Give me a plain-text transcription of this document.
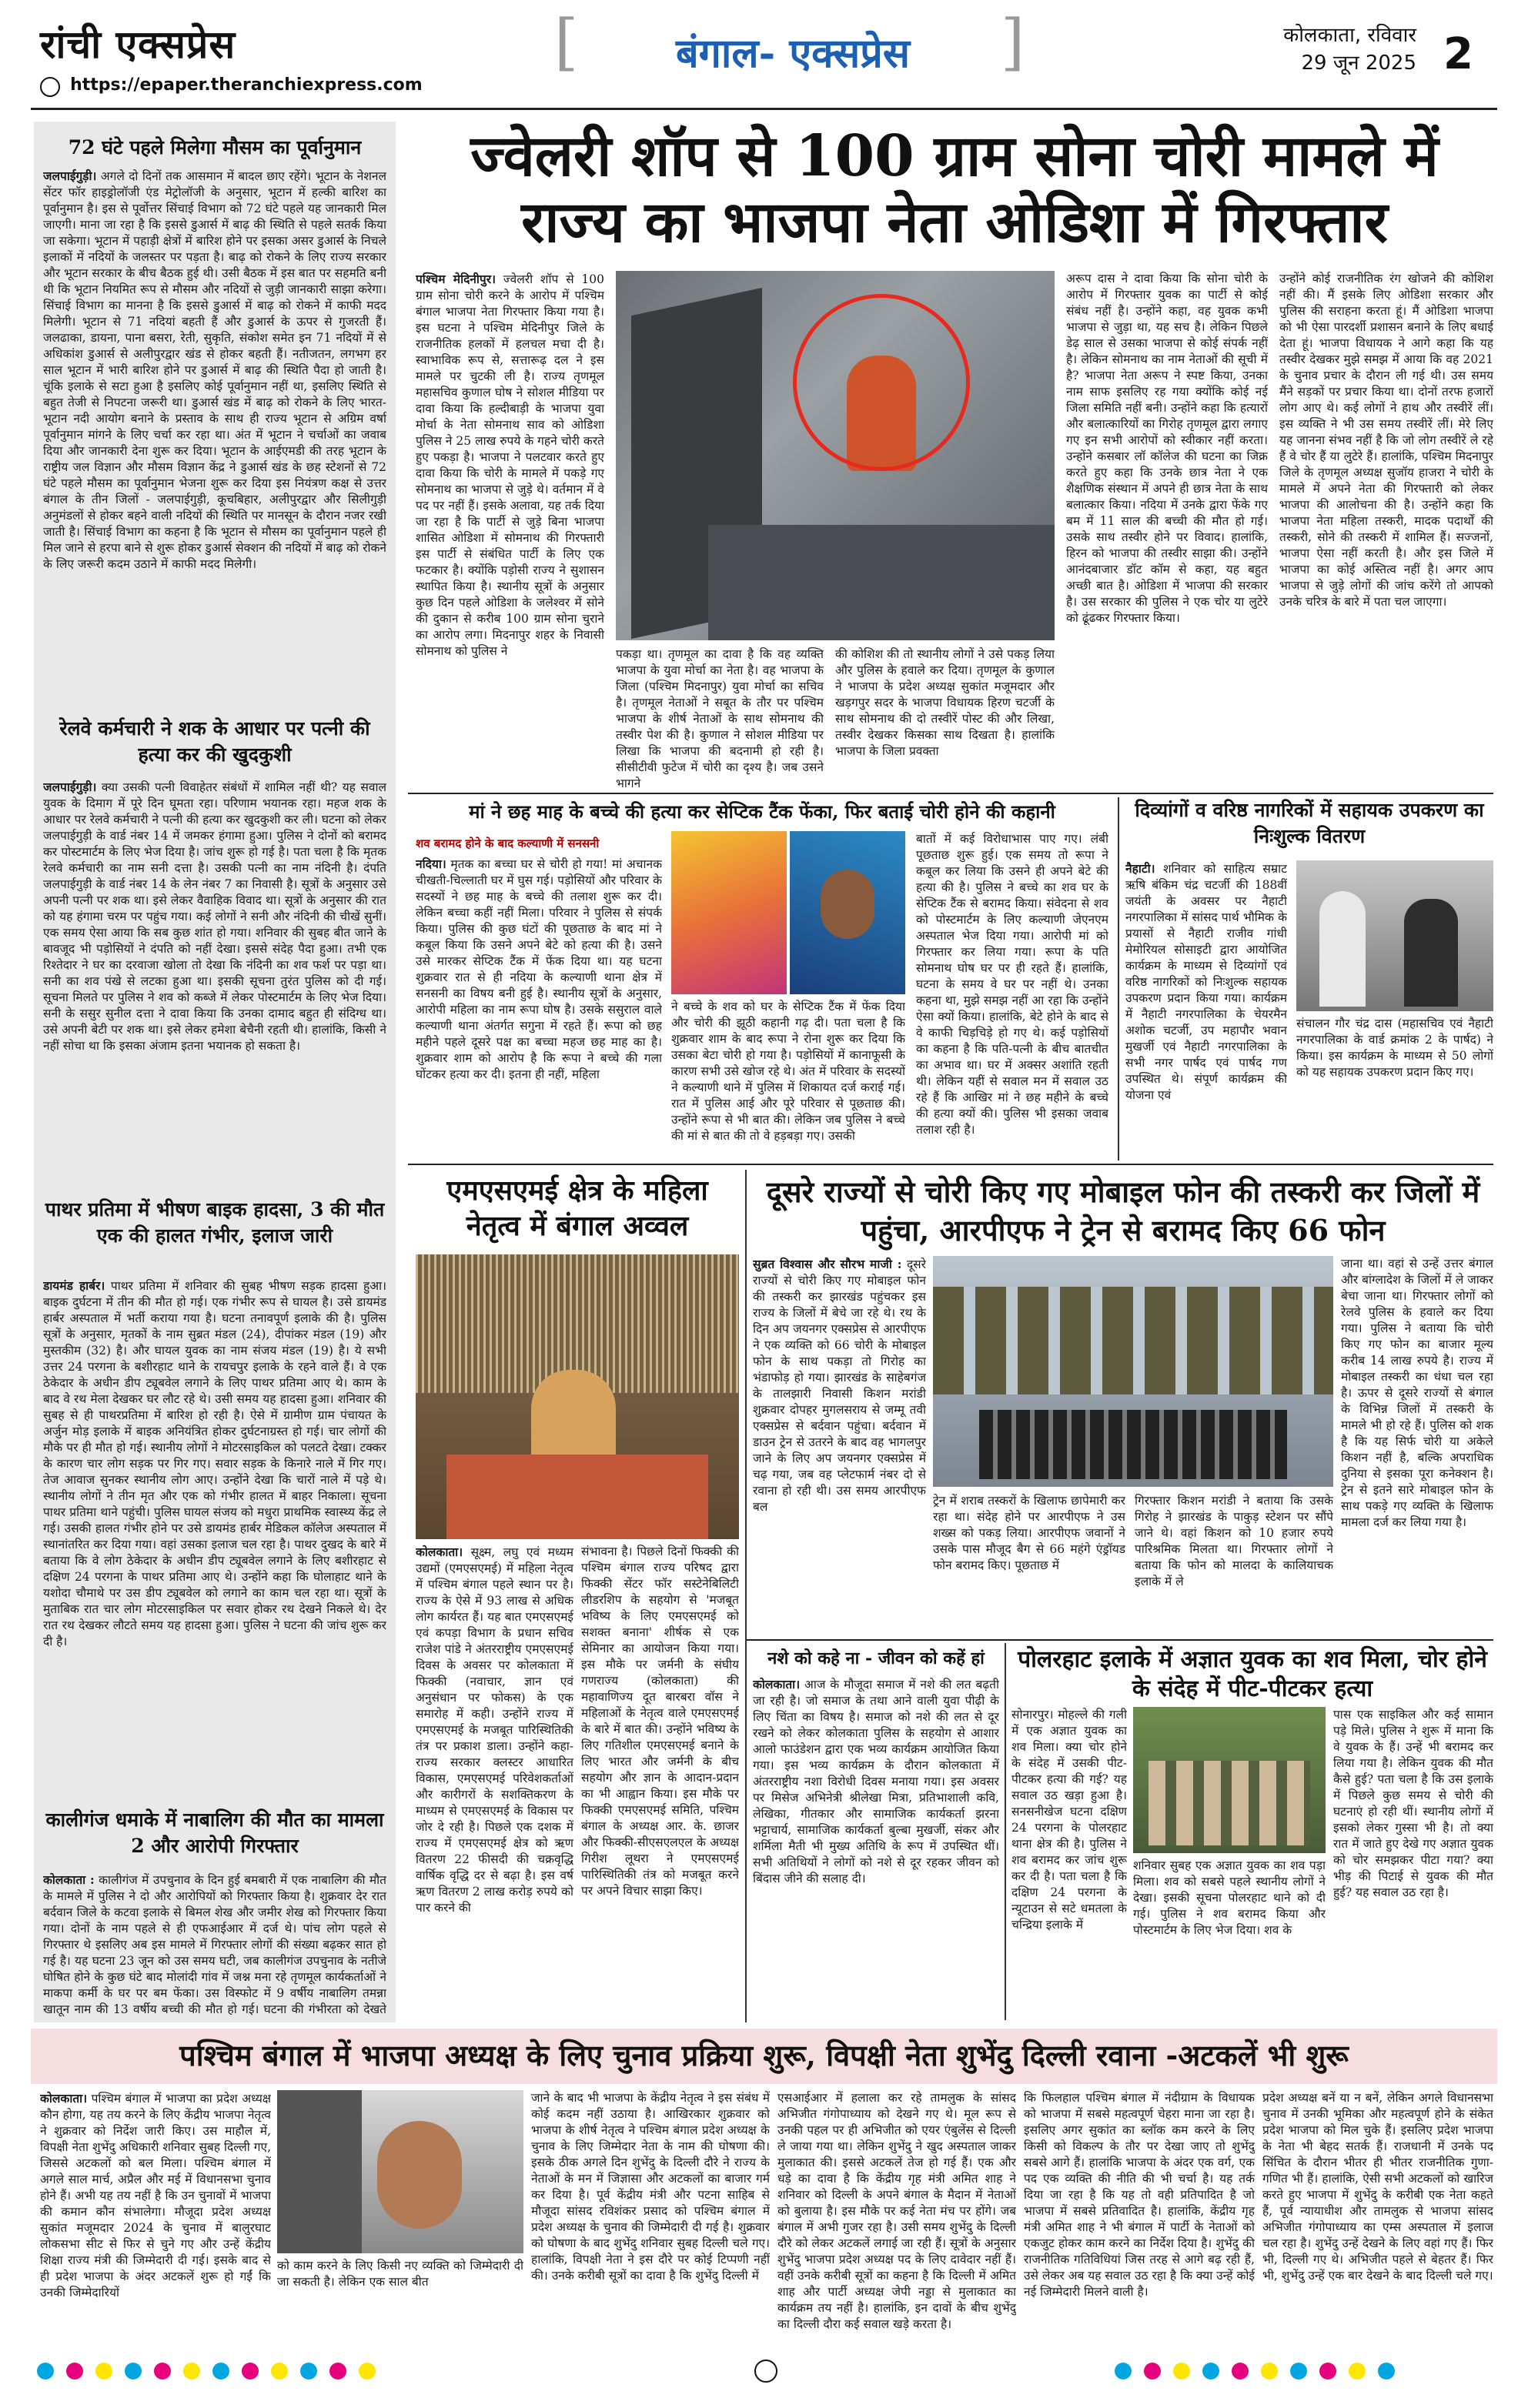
रांची एक्सप्रेस
https://epaper.theranchiexpress.com
[	बंगाल- एक्सप्रेस	]	कोलकाता, रविवार
29 जून 2025 2
72 घंटे पहले मिलेगा मौसम का पूर्वानुमान
जलपाईगुड़ी। अगले दो दिनों तक आसमान में बादल छाए रहेंगे। भूटान के नेशनल सेंटर फॉर हाइड्रोलॉजी एंड मेट्रोलॉजी के अनुसार, भूटान में हल्की बारिश का पूर्वानुमान है। इस से पूर्वोत्तर सिंचाई विभाग को 72 घंटे पहले यह जानकारी मिल जाएगी। माना जा रहा है कि इससे डुआर्स में बाढ़ की स्थिति से पहले सतर्क किया जा सकेगा। भूटान में पहाड़ी क्षेत्रों में बारिश होने पर इसका असर डुआर्स के निचले इलाकों में नदियों के जलस्तर पर पड़ता है। बाढ़ को रोकने के लिए राज्य सरकार और भूटान सरकार के बीच बैठक हुई थी। उसी बैठक में इस बात पर सहमति बनी थी कि भूटान नियमित रूप से मौसम और नदियों से जुड़ी जानकारी साझा करेगा। सिंचाई विभाग का मानना है कि इससे डुआर्स में बाढ़ को रोकने में काफी मदद मिलेगी। भूटान से 71 नदियां बहती हैं और डुआर्स के ऊपर से गुजरती हैं। जलढाका, डायना, पाना बसरा, रेती, सुकृति, संकोश समेत इन 71 नदियों में से अधिकांश डुआर्स से अलीपुरद्वार खंड से होकर बहती हैं। नतीजतन, लगभग हर साल भूटान में भारी बारिश होने पर डुआर्स में बाढ़ की स्थिति पैदा हो जाती है। चूंकि इलाके से सटा हुआ है इसलिए कोई पूर्वानुमान नहीं था, इसलिए स्थिति से बहुत तेजी से निपटना जरूरी था। डुआर्स खंड में बाढ़ को रोकने के लिए भारत-भूटान नदी आयोग बनाने के प्रस्ताव के साथ ही राज्य भूटान से अग्रिम वर्षा पूर्वानुमान मांगने के लिए चर्चा कर रहा था। अंत में भूटान ने चर्चाओं का जवाब दिया और जानकारी देना शुरू कर दिया। भूटान के आईएमडी की तरह भूटान के राष्ट्रीय जल विज्ञान और मौसम विज्ञान केंद्र ने डुआर्स खंड के छह स्टेशनों से 72 घंटे पहले मौसम का पूर्वानुमान भेजना शुरू कर दिया इस नियंत्रण कक्ष से उत्तर बंगाल के तीन जिलों - जलपाईगुड़ी, कूचबिहार, अलीपुरद्वार और सिलीगुड़ी अनुमंडलों से होकर बहने वाली नदियों की स्थिति पर मानसून के दौरान नजर रखी जाती है। सिंचाई विभाग का कहना है कि भूटान से मौसम का पूर्वानुमान पहले ही मिल जाने से हरपा बाने से शुरू होकर डुआर्स सेक्शन की नदियों में बाढ़ को रोकने के लिए जरूरी कदम उठाने में काफी मदद मिलेगी।
रेलवे कर्मचारी ने शक के आधार पर पत्नी की हत्या कर की खुदकुशी
जलपाईगुड़ी। क्या उसकी पत्नी विवाहेतर संबंधों में शामिल नहीं थी? यह सवाल युवक के दिमाग में पूरे दिन घूमता रहा। परिणाम भयानक रहा। महज शक के आधार पर रेलवे कर्मचारी ने पत्नी की हत्या कर खुदकुशी कर ली। घटना को लेकर जलपाईगुड़ी के वार्ड नंबर 14 में जमकर हंगामा हुआ। पुलिस ने दोनों को बरामद कर पोस्टमार्टम के लिए भेज दिया है। जांच शुरू हो गई है। पता चला है कि मृतक रेलवे कर्मचारी का नाम सनी दत्ता है। उसकी पत्नी का नाम नंदिनी है। दंपति जलपाईगुड़ी के वार्ड नंबर 14 के लेन नंबर 7 का निवासी है। सूत्रों के अनुसार उसे अपनी पत्नी पर शक था। इसे लेकर वैवाहिक विवाद था। सूत्रों के अनुसार की रात को यह हंगामा चरम पर पहुंच गया। कई लोगों ने सनी और नंदिनी की चीखें सुनीं। एक समय ऐसा आया कि सब कुछ शांत हो गया। शनिवार की सुबह बीत जाने के बावजूद भी पड़ोसियों ने दंपति को नहीं देखा। इससे संदेह पैदा हुआ। तभी एक रिश्तेदार ने घर का दरवाजा खोला तो देखा कि नंदिनी का शव फर्श पर पड़ा था। सनी का शव पंखे से लटका हुआ था। इसकी सूचना तुरंत पुलिस को दी गई। सूचना मिलते पर पुलिस ने शव को कब्जे में लेकर पोस्टमार्टम के लिए भेज दिया। सनी के ससुर सुनील दत्ता ने दावा किया कि उनका दामाद बहुत ही संदिग्ध था। उसे अपनी बेटी पर शक था। इसे लेकर हमेशा बेचैनी रहती थी। हालांकि, किसी ने नहीं सोचा था कि इसका अंजाम इतना भयानक हो सकता है।
पाथर प्रतिमा में भीषण बाइक हादसा, 3 की मौत एक की हालत गंभीर, इलाज जारी
डायमंड हार्बर। पाथर प्रतिमा में शनिवार की सुबह भीषण सड़क हादसा हुआ। बाइक दुर्घटना में तीन की मौत हो गई। एक गंभीर रूप से घायल है। उसे डायमंड हार्बर अस्पताल में भर्ती कराया गया है। घटना तनावपूर्ण इलाके की है। पुलिस सूत्रों के अनुसार, मृतकों के नाम सुब्रत मंडल (24), दीपांकर मंडल (19) और मुस्तकीम (32) है। और घायल युवक का नाम संजय मंडल (19) है। ये सभी उत्तर 24 परगना के बशीरहाट थाने के रायचपुर इलाके के रहने वाले हैं। वे एक ठेकेदार के अधीन डीप ट्यूबवेल लगाने के लिए पाथर प्रतिमा आए थे। काम के बाद वे रथ मेला देखकर घर लौट रहे थे। उसी समय यह हादसा हुआ। शनिवार की सुबह से ही पाथरप्रतिमा में बारिश हो रही है। ऐसे में ग्रामीण ग्राम पंचायत के अर्जुन मोड़ इलाके में बाइक अनियंत्रित होकर दुर्घटनाग्रस्त हो गई। चार लोगों की मौके पर ही मौत हो गई। स्थानीय लोगों ने मोटरसाइकिल को पलटते देखा। टक्कर के कारण चार लोग सड़क पर गिर गए। सवार सड़क के किनारे नाले में गिर गए। तेज आवाज सुनकर स्थानीय लोग आए। उन्होंने देखा कि चारों नाले में पड़े थे। स्थानीय लोगों ने तीन मृत और एक को गंभीर हालत में बाहर निकाला। सूचना पाथर प्रतिमा थाने पहुंची। पुलिस घायल संजय को मधुरा प्राथमिक स्वास्थ्य केंद्र ले गई। उसकी हालत गंभीर होने पर उसे डायमंड हार्बर मेडिकल कॉलेज अस्पताल में स्थानांतरित कर दिया गया। वहां उसका इलाज चल रहा है। पाथर दुखद के बारे में बताया कि वे लोग ठेकेदार के अधीन डीप ट्यूबवेल लगाने के लिए बशीरहाट से दक्षिण 24 परगना के पाथर प्रतिमा आए थे। उन्होंने कहा कि घोलाहाट थाने के यशोदा चौमाथे पर उस डीप ट्यूबवेल को लगाने का काम चल रहा था। सूत्रों के मुताबिक रात चार लोग मोटरसाइकिल पर सवार होकर रथ देखने निकले थे। देर रात रथ देखकर लौटते समय यह हादसा हुआ। पुलिस ने घटना की जांच शुरू कर दी है।
कालीगंज धमाके में नाबालिग की मौत का मामला 2 और आरोपी गिरफ्तार
कोलकाता : कालीगंज में उपचुनाव के दिन हुई बमबारी में एक नाबालिग की मौत के मामले में पुलिस ने दो और आरोपियों को गिरफ्तार किया है। शुक्रवार देर रात बर्दवान जिले के कटवा इलाके से बिमल शेख और जमीर शेख को गिरफ्तार किया गया। दोनों के नाम पहले से ही एफआईआर में दर्ज थे। पांच लोग पहले से गिरफ्तार थे इसलिए अब इस मामले में गिरफ्तार लोगों की संख्या बढ़कर सात हो गई है। यह घटना 23 जून को उस समय घटी, जब कालीगंज उपचुनाव के नतीजे घोषित होने के कुछ घंटे बाद मोलांदी गांव में जश्न मना रहे तृणमूल कार्यकर्ताओं ने माकपा कर्मी के घर पर बम फेंका। उस विस्फोट में 9 वर्षीय नाबालिग तमन्ना खातून नाम की 13 वर्षीय बच्ची की मौत हो गई। घटना की गंभीरता को देखते
ज्वेलरी शॉप से 100 ग्राम सोना चोरी मामले में राज्य का भाजपा नेता ओडिशा में गिरफ्तार
पश्चिम मेदिनीपुर। ज्वेलरी शॉप से 100 ग्राम सोना चोरी करने के आरोप में पश्चिम बंगाल भाजपा नेता गिरफ्तार किया गया है। इस घटना ने पश्चिम मेदिनीपुर जिले के राजनीतिक हलकों में हलचल मचा दी है। स्वाभाविक रूप से, सत्तारूढ़ दल ने इस मामले पर चुटकी ली है। राज्य तृणमूल महासचिव कुणाल घोष ने सोशल मीडिया पर दावा किया कि हल्दीबाड़ी के भाजपा युवा मोर्चा के नेता सोमनाथ साव को ओडिशा पुलिस ने 25 लाख रुपये के गहने चोरी करते हुए पकड़ा है। भाजपा ने पलटवार करते हुए दावा किया कि चोरी के मामले में पकड़े गए सोमनाथ का भाजपा से जुड़े थे। वर्तमान में वे पद पर नहीं हैं। इसके अलावा, यह तर्क दिया जा रहा है कि पार्टी से जुड़े बिना भाजपा शासित ओडिशा में सोमनाथ की गिरफ्तारी इस पार्टी से संबंधित पार्टी के लिए एक फटकार है। क्योंकि पड़ोसी राज्य ने सुशासन स्थापित किया है। स्थानीय सूत्रों के अनुसार कुछ दिन पहले ओडिशा के जलेश्वर में सोने की दुकान से करीब 100 ग्राम सोना चुराने का आरोप लगा। मिदनापुर शहर के निवासी सोमनाथ को पुलिस ने	पकड़ा था। तृणमूल का दावा है कि वह व्यक्ति भाजपा के युवा मोर्चा का नेता है। वह भाजपा के जिला (पश्चिम मिदनापुर) युवा मोर्चा का सचिव है। तृणमूल नेताओं ने सबूत के तौर पर पश्चिम भाजपा के शीर्ष नेताओं के साथ सोमनाथ की तस्वीर पेश की है। कुणाल ने सोशल मीडिया पर लिखा कि भाजपा की बदनामी हो रही है। सीसीटीवी फुटेज में चोरी का दृश्य है। जब उसने भागने
की कोशिश की तो स्थानीय लोगों ने उसे पकड़ लिया और पुलिस के हवाले कर दिया। तृणमूल के कुणाल ने भाजपा के प्रदेश अध्यक्ष सुकांत मजूमदार और खड़गपुर सदर के भाजपा विधायक हिरण चटर्जी के साथ सोमनाथ की दो तस्वीरें पोस्ट की और लिखा, तस्वीर देखकर किसका साथ दिखता है। हालांकि भाजपा के जिला प्रवक्ता
अरूप दास ने दावा किया कि सोना चोरी के आरोप में गिरफ्तार युवक का पार्टी से कोई संबंध नहीं है। उन्होंने कहा, वह युवक कभी भाजपा से जुड़ा था, यह सच है। लेकिन पिछले डेढ़ साल से उसका भाजपा से कोई संपर्क नहीं है। लेकिन सोमनाथ का नाम नेताओं की सूची में है? भाजपा नेता अरूप ने स्पष्ट किया, उनका नाम साफ इसलिए रह गया क्योंकि कोई नई जिला समिति नहीं बनी। उन्होंने कहा कि हत्यारों और बलात्कारियों का गिरोह तृणमूल द्वारा लगाए गए इन सभी आरोपों को स्वीकार नहीं करता। उन्होंने कसबार लॉ कॉलेज की घटना का जिक्र करते हुए कहा कि उनके छात्र नेता ने एक शैक्षणिक संस्थान में अपने ही छात्र नेता के साथ बलात्कार किया। नदिया में उनके द्वारा फेंके गए बम में 11 साल की बच्ची की मौत हो गई। उसके साथ तस्वीर होने पर विवाद। हालांकि, हिरन को भाजपा की तस्वीर साझा की। उन्होंने आनंदबाजार डॉट कॉम से कहा, यह बहुत अच्छी बात है। ओडिशा में भाजपा की सरकार है। उस सरकार की पुलिस ने एक चोर या लुटेरे को ढूंढकर गिरफ्तार किया।
उन्होंने कोई राजनीतिक रंग खोजने की कोशिश नहीं की। मैं इसके लिए ओडिशा सरकार और पुलिस की सराहना करता हूं। मैं ओडिशा भाजपा को भी ऐसा पारदर्शी प्रशासन बनाने के लिए बधाई देता हूं। भाजपा विधायक ने आगे कहा कि यह तस्वीर देखकर मुझे समझ में आया कि वह 2021 के चुनाव प्रचार के दौरान ली गई थी। उस समय मैंने सड़कों पर प्रचार किया था। दोनों तरफ हजारों लोग आए थे। कई लोगों ने हाथ और तस्वीरें लीं। इस व्यक्ति ने भी उस समय तस्वीरें लीं। मेरे लिए यह जानना संभव नहीं है कि जो लोग तस्वीरें ले रहे हैं वे चोर हैं या लुटेरे हैं। हालांकि, पश्चिम मिदनापुर जिले के तृणमूल अध्यक्ष सुजॉय हाजरा ने चोरी के मामले में अपने नेता की गिरफ्तारी को लेकर भाजपा की आलोचना की है। उन्होंने कहा कि भाजपा नेता महिला तस्करी, मादक पदार्थों की तस्करी, सोने की तस्करी में शामिल हैं। सज्जनों, भाजपा ऐसा नहीं करती है। और इस जिले में भाजपा का कोई अस्तित्व नहीं है। अगर आप भाजपा से जुड़े लोगों की जांच करेंगे तो आपको उनके चरित्र के बारे में पता चल जाएगा।
मां ने छह माह के बच्चे की हत्या कर सेप्टिक टैंक फेंका, फिर बताई चोरी होने की कहानी
शव बरामद होने के बाद कल्याणी में सनसनी
नदिया। मृतक का बच्चा घर से चोरी हो गया! मां अचानक चीखती-चिल्लाती घर में घुस गई। पड़ोसियों और परिवार के सदस्यों ने छह माह के बच्चे की तलाश शुरू कर दी। लेकिन बच्चा कहीं नहीं मिला। परिवार ने पुलिस से संपर्क किया। पुलिस की कुछ घंटों की पूछताछ के बाद मां ने कबूल किया कि उसने अपने बेटे को हत्या की है। उसने उसे मारकर सेप्टिक टैंक में फेंक दिया था। यह घटना शुक्रवार रात से ही नदिया के कल्याणी थाना क्षेत्र में सनसनी का विषय बनी हुई है। स्थानीय सूत्रों के अनुसार, आरोपी महिला का नाम रूपा घोष है। उसके ससुराल वाले कल्याणी थाना अंतर्गत सगुना में रहते हैं। रूपा को छह महीने पहले दूसरे पक्ष का बच्चा महज छह माह का है। शुक्रवार शाम को आरोप है कि रूपा ने बच्चे की गला घोंटकर हत्या कर दी। इतना ही नहीं, महिला
ने बच्चे के शव को घर के सेप्टिक टैंक में फेंक दिया और चोरी की झूठी कहानी गढ़ दी। पता चला है कि शुक्रवार शाम के बाद रूपा ने रोना शुरू कर दिया कि उसका बेटा चोरी हो गया है। पड़ोसियों में कानाफूसी के कारण सभी उसे खोज रहे थे। अंत में परिवार के सदस्यों ने कल्याणी थाने में पुलिस में शिकायत दर्ज कराई गई। रात में पुलिस आई और पूरे परिवार से पूछताछ की। उन्होंने रूपा से भी बात की। लेकिन जब पुलिस ने बच्चे की मां से बात की तो वे हड़बड़ा गए। उसकी
बातों में कई विरोधाभास पाए गए। लंबी पूछताछ शुरू हुई। एक समय तो रूपा ने कबूल कर लिया कि उसने ही अपने बेटे की हत्या की है। पुलिस ने बच्चे का शव घर के सेप्टिक टैंक से बरामद किया। संवेदना से शव को पोस्टमार्टम के लिए कल्याणी जेएनएम अस्पताल भेज दिया गया। आरोपी मां को गिरफ्तार कर लिया गया। रूपा के पति सोमनाथ घोष घर पर ही रहते हैं। हालांकि, घटना के समय वे घर पर नहीं थे। उनका कहना था, मुझे समझ नहीं आ रहा कि उन्होंने ऐसा क्यों किया। हालांकि, बेटे होने के बाद से वे काफी चिड़चिड़े हो गए थे। कई पड़ोसियों का कहना है कि पति-पत्नी के बीच बातचीत का अभाव था। घर में अक्सर अशांति रहती थी। लेकिन यहीं से सवाल मन में सवाल उठ रहे हैं कि आखिर मां ने छह महीने के बच्चे की हत्या क्यों की। पुलिस भी इसका जवाब तलाश रही है।
दिव्यांगों व वरिष्ठ नागरिकों में सहायक उपकरण का निःशुल्क वितरण
नैहाटी। शनिवार को साहित्य सम्राट ऋषि बंकिम चंद्र चटर्जी की 188वीं जयंती के अवसर पर नैहाटी नगरपालिका में सांसद पार्थ भौमिक के प्रयासों से नैहाटी राजीव गांधी मेमोरियल सोसाइटी द्वारा आयोजित कार्यक्रम के माध्यम से दिव्यांगों एवं वरिष्ठ नागरिकों को निःशुल्क सहायक उपकरण प्रदान किया गया। कार्यक्रम में नैहाटी नगरपालिका के चेयरमैन अशोक चटर्जी, उप महापौर भवान मुखर्जी एवं नैहाटी नगरपालिका के सभी नगर पार्षद एवं पार्षद गण उपस्थित थे। संपूर्ण कार्यक्रम की योजना एवं
संचालन गौर चंद्र दास (महासचिव एवं नैहाटी नगरपालिका के वार्ड क्रमांक 2 के पार्षद) ने किया। इस कार्यक्रम के माध्यम से 50 लोगों को यह सहायक उपकरण प्रदान किए गए।
एमएसएमई क्षेत्र के महिला नेतृत्व में बंगाल अव्वल
कोलकाता। सूक्ष्म, लघु एवं मध्यम उद्यमों (एमएसएमई) में महिला नेतृत्व में पश्चिम बंगाल पहले स्थान पर है। राज्य के ऐसे में 93 लाख से अधिक लोग कार्यरत हैं। यह बात एमएसएमई एवं कपड़ा विभाग के प्रधान सचिव राजेश पांडे ने अंतरराष्ट्रीय एमएसएमई दिवस के अवसर पर कोलकाता में फिक्की (नवाचार, ज्ञान एवं अनुसंधान पर फोकस) के एक समारोह में कही। उन्होंने राज्य में एमएसएमई के मजबूत पारिस्थितिकी तंत्र पर प्रकाश डाला। उन्होंने कहा-राज्य सरकार क्लस्टर आधारित विकास, एमएसएमई परिवेशकर्ताओं और कारीगरों के सशक्तिकरण के माध्यम से एमएसएमई के विकास पर जोर दे रही है। पिछले एक दशक में राज्य में एमएसएमई क्षेत्र को ऋण वितरण 22 फीसदी की चक्रवृद्धि वार्षिक वृद्धि दर से बढ़ा है। इस वर्ष ऋण वितरण 2 लाख करोड़ रुपये को पार करने की
संभावना है। पिछले दिनों फिक्की की पश्चिम बंगाल राज्य परिषद द्वारा फिक्की सेंटर फॉर सस्टेनेबिलिटी लीडरशिप के सहयोग से 'मजबूत भविष्य के लिए एमएसएमई को सशक्त बनाना' शीर्षक से एक सेमिनार का आयोजन किया गया। इस मौके पर जर्मनी के संघीय गणराज्य (कोलकाता) की महावाणिज्य दूत बारबरा वॉस ने महिलाओं के नेतृत्व वाले एमएसएमई के बारे में बात की। उन्होंने भविष्य के लिए गतिशील एमएसएमई बनाने के लिए भारत और जर्मनी के बीच सहयोग और ज्ञान के आदान-प्रदान का भी आह्वान किया। इस मौके पर फिक्की एमएसएमई समिति, पश्चिम बंगाल के अध्यक्ष आर. के. छाजर और फिक्की-सीएसएलएल के अध्यक्ष गिरीश लूथरा ने एमएसएमई पारिस्थितिकी तंत्र को मजबूत करने पर अपने विचार साझा किए।
दूसरे राज्यों से चोरी किए गए मोबाइल फोन की तस्करी कर जिलों में पहुंचा, आरपीएफ ने ट्रेन से बरामद किए 66 फोन
सुब्रत विश्वास और सौरभ माजी : दूसरे राज्यों से चोरी किए गए मोबाइल फोन की तस्करी कर झारखंड पहुंचकर इस राज्य के जिलों में बेचे जा रहे थे। रथ के दिन अप जयनगर एक्सप्रेस से आरपीएफ ने एक व्यक्ति को 66 चोरी के मोबाइल फोन के साथ पकड़ा तो गिरोह का भंडाफोड़ हो गया। झारखंड के साहेबगंज के तालझारी निवासी किशन मरांडी शुक्रवार दोपहर मुगलसराय से जम्मू तवी एक्सप्रेस से बर्दवान पहुंचा। बर्दवान में डाउन ट्रेन से उतरने के बाद वह भागलपुर जाने के लिए अप जयनगर एक्सप्रेस में चढ़ गया, जब वह प्लेटफार्म नंबर दो से रवाना हो रही थी। उस समय आरपीएफ बल	ट्रेन में शराब तस्करों के खिलाफ छापेमारी कर रहा था। संदेह होने पर आरपीएफ ने उस शख्स को पकड़ लिया। आरपीएफ जवानों ने उसके पास मौजूद बैग से 66 महंगे एंड्रॉयड फोन बरामद किए। पूछताछ में
गिरफ्तार किशन मरांडी ने बताया कि उसके गिरोह ने झारखंड के पाकुड़ स्टेशन पर सौंपे जाने थे। वहां किशन को 10 हजार रुपये पारिश्रमिक मिलता था। गिरफ्तार लोगों ने बताया कि फोन को मालदा के कालियाचक इलाके में ले
जाना था। वहां से उन्हें उत्तर बंगाल और बांग्लादेश के जिलों में ले जाकर बेचा जाना था। गिरफ्तार लोगों को रेलवे पुलिस के हवाले कर दिया गया। पुलिस ने बताया कि चोरी किए गए फोन का बाजार मूल्य करीब 14 लाख रुपये है। राज्य में मोबाइल तस्करी का धंधा चल रहा है। ऊपर से दूसरे राज्यों से बंगाल के विभिन्न जिलों में तस्करी के मामले भी हो रहे हैं। पुलिस को शक है कि यह सिर्फ चोरी या अकेले किशन नहीं है, बल्कि अपराधिक दुनिया से इसका पूरा कनेक्शन है। ट्रेन से इतने सारे मोबाइल फोन के साथ पकड़े गए व्यक्ति के खिलाफ मामला दर्ज कर लिया गया है।
नशे को कहे ना - जीवन को कहें हां
कोलकाता। आज के मौजूदा समाज में नशे की लत बढ़ती जा रही है। जो समाज के तथा आने वाली युवा पीढ़ी के लिए चिंता का विषय है। समाज को नशे की लत से दूर रखने को लेकर कोलकाता पुलिस के सहयोग से आशार आलो फाउंडेशन द्वारा एक भव्य कार्यक्रम आयोजित किया गया। इस भव्य कार्यक्रम के दौरान कोलकाता में अंतरराष्ट्रीय नशा विरोधी दिवस मनाया गया। इस अवसर पर मिसेज अभिनेत्री श्रीलेखा मित्रा, प्रतिभाशाली कवि, लेखिका, गीतकार और सामाजिक कार्यकर्ता झरना भट्टाचार्य, सामाजिक कार्यकर्ता बुल्बा मुखर्जी, संकर और शर्मिला मैती भी मुख्य अतिथि के रूप में उपस्थित थीं। सभी अतिथियों ने लोगों को नशे से दूर रहकर जीवन को बिंदास जीने की सलाह दी।
पोलरहाट इलाके में अज्ञात युवक का शव मिला, चोर होने के संदेह में पीट-पीटकर हत्या
सोनारपुर। मोहल्ले की गली में एक अज्ञात युवक का शव मिला। क्या चोर होने के संदेह में उसकी पीट-पीटकर हत्या की गई? यह सवाल उठ खड़ा हुआ है। सनसनीखेज घटना दक्षिण 24 परगना के पोलरहाट थाना क्षेत्र की है। पुलिस ने शव बरामद कर जांच शुरू कर दी है। पता चला है कि दक्षिण 24 परगना के न्यूटाउन से सटे धमतला के चन्द्रिया इलाके में
शनिवार सुबह एक अज्ञात युवक का शव पड़ा मिला। शव को सबसे पहले स्थानीय लोगों ने देखा। इसकी सूचना पोलरहाट थाने को दी गई। पुलिस ने शव बरामद किया और पोस्टमार्टम के लिए भेज दिया। शव के
पास एक साइकिल और कई सामान पड़े मिले। पुलिस ने शुरू में माना कि वे युवक के हैं। उन्हें भी बरामद कर लिया गया है। लेकिन युवक की मौत कैसे हुई? पता चला है कि उस इलाके में पिछले कुछ समय से चोरी की घटनाएं हो रही थीं। स्थानीय लोगों में इसको लेकर गुस्सा भी है। तो क्या रात में जाते हुए देखे गए अज्ञात युवक को चोर समझकर पीटा गया? क्या भीड़ की पिटाई से युवक की मौत हुई? यह सवाल उठ रहा है।
पश्चिम बंगाल में भाजपा अध्यक्ष के लिए चुनाव प्रक्रिया शुरू, विपक्षी नेता शुभेंदु दिल्ली रवाना -अटकलें भी शुरू
कोलकाता। पश्चिम बंगाल में भाजपा का प्रदेश अध्यक्ष कौन होगा, यह तय करने के लिए केंद्रीय भाजपा नेतृत्व ने शुक्रवार को निर्देश जारी किए। उस माहौल में, विपक्षी नेता शुभेंदु अधिकारी शनिवार सुबह दिल्ली गए, जिससे अटकलों को बल मिला। पश्चिम बंगाल में अगले साल मार्च, अप्रैल और मई में विधानसभा चुनाव होने हैं। अभी यह तय नहीं है कि उन चुनावों में भाजपा की कमान कौन संभालेगा। मौजूदा प्रदेश अध्यक्ष सुकांत मजूमदार 2024 के चुनाव में बालुरघाट लोकसभा सीट से फिर से चुने गए और उन्हें केंद्रीय शिक्षा राज्य मंत्री की जिम्मेदारी दी गई। इसके बाद से ही प्रदेश भाजपा के अंदर अटकलें शुरू हो गईं कि उनकी जिम्मेदारियों
को काम करने के लिए किसी नए व्यक्ति को जिम्मेदारी दी जा सकती है। लेकिन एक साल बीत
जाने के बाद भी भाजपा के केंद्रीय नेतृत्व ने इस संबंध में कोई कदम नहीं उठाया है। आखिरकार शुक्रवार को भाजपा के शीर्ष नेतृत्व ने पश्चिम बंगाल प्रदेश अध्यक्ष के चुनाव के लिए जिम्मेदार नेता के नाम की घोषणा की। इसके ठीक अगले दिन शुभेंदु के दिल्ली दौरे ने राज्य के नेताओं के मन में जिज्ञासा और अटकलों का बाजार गर्म कर दिया है। पूर्व केंद्रीय मंत्री और पटना साहिब से मौजूदा सांसद रविशंकर प्रसाद को पश्चिम बंगाल में प्रदेश अध्यक्ष के चुनाव की जिम्मेदारी दी गई है। शुक्रवार को घोषणा के बाद शुभेंदु शनिवार सुबह दिल्ली चले गए। हालांकि, विपक्षी नेता ने इस दौरे पर कोई टिप्पणी नहीं की। उनके करीबी सूत्रों का दावा है कि शुभेंदु दिल्ली में
एसआईआर में हलाला कर रहे तामलुक के सांसद अभिजीत गंगोपाध्याय को देखने गए थे। मूल रूप से उनकी पहल पर ही अभिजीत को एयर एंबुलेंस से दिल्ली ले जाया गया था। लेकिन शुभेंदु ने खुद अस्पताल जाकर मुलाकात की। इससे अटकलें तेज हो गई हैं। एक और धड़े का दावा है कि केंद्रीय गृह मंत्री अमित शाह ने शनिवार को दिल्ली के अपने बंगाल के मैदान में नेताओं को बुलाया है। इस मौके पर कई नेता मंच पर होंगे। जब बंगाल में अभी गुजर रहा है। उसी समय शुभेंदु के दिल्ली दौरे को लेकर अटकलें लगाई जा रही हैं। सूत्रों के अनुसार शुभेंदु भाजपा प्रदेश अध्यक्ष पद के लिए दावेदार नहीं हैं। वहीं उनके करीबी सूत्रों का कहना है कि दिल्ली में अमित शाह और पार्टी अध्यक्ष जेपी नड्डा से मुलाकात का कार्यक्रम तय नहीं है। हालांकि, इन दावों के बीच शुभेंदु का दिल्ली दौरा कई सवाल खड़े करता है।
कि फिलहाल पश्चिम बंगाल में नंदीग्राम के विधायक को भाजपा में सबसे महत्वपूर्ण चेहरा माना जा रहा है। इसलिए अगर सुकांत का ब्लॉक कम करने के लिए किसी को विकल्प के तौर पर देखा जाए तो शुभेंदु सबसे आगे हैं। हालांकि भाजपा के अंदर एक वर्ग, एक पद एक व्यक्ति की नीति की भी चर्चा है। यह तर्क दिया जा रहा है कि यह तो वही प्रतिपादित है जो भाजपा में सबसे प्रतिवादित है। हालांकि, केंद्रीय गृह मंत्री अमित शाह ने भी बंगाल में पार्टी के नेताओं को एकजुट होकर काम करने का निर्देश दिया है। शुभेंदु की राजनीतिक गतिविधियां जिस तरह से आगे बढ़ रही हैं, उसे लेकर अब यह सवाल उठ रहा है कि क्या उन्हें कोई नई जिम्मेदारी मिलने वाली है।
प्रदेश अध्यक्ष बनें या न बनें, लेकिन अगले विधानसभा चुनाव में उनकी भूमिका और महत्वपूर्ण होने के संकेत प्रदेश भाजपा को मिल चुके हैं। इसलिए प्रदेश भाजपा के नेता भी बेहद सतर्क हैं। राजधानी में उनके पद सिंचित के दौरान भीतर ही भीतर राजनीतिक गुणा-गणित भी हैं। हालांकि, ऐसी सभी अटकलों को खारिज करते हुए भाजपा में शुभेंदु के करीबी एक नेता कहते हैं, पूर्व न्यायाधीश और तामलुक से भाजपा सांसद अभिजीत गंगोपाध्याय का एम्स अस्पताल में इलाज चल रहा है। शुभेंदु उन्हें देखने के लिए वहां गए हैं। फिर भी, दिल्ली गए थे। अभिजीत पहले से बेहतर हैं। फिर भी, शुभेंदु उन्हें एक बार देखने के बाद दिल्ली चले गए।
